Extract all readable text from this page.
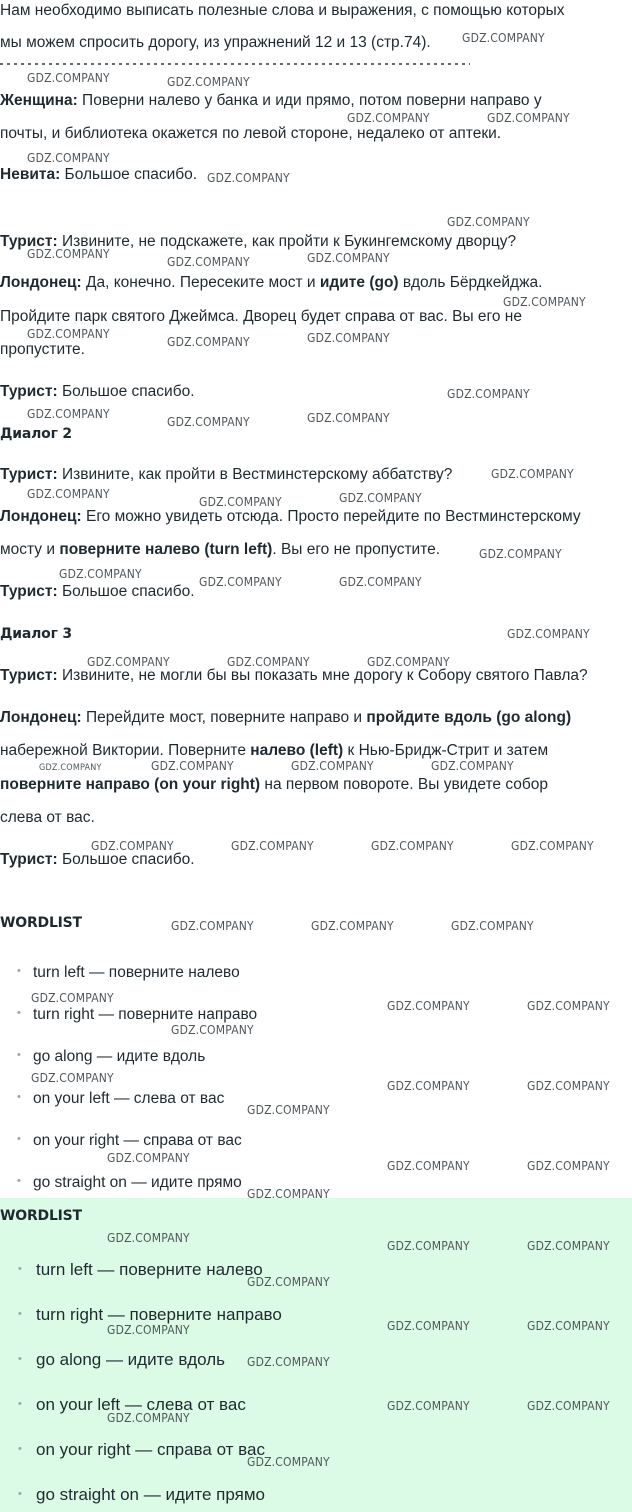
Нам необходимо выписать полезные слова и выражения, с помощью которых

мы можем спросить дорогу, из упражнений 12 и 13 (стр.74).

Женщина: Поверни налево у банка и иди прямо, потом поверни направо у

почты, и библиотека окажется по левой стороне, недалеко от аптеки.

Невита: Большое спасибо.

Турист: Извините, не подскажете, как пройти к Букингемскому дворцу?

Лондонец: Да, конечно. Пересеките мост и идите (go) вдоль Бёрдкейджа.

Пройдите парк святого Джеймса. Дворец будет справа от вас. Вы его не

пропустите.

Турист: Большое спасибо.

Диалог 2

Турист: Извините, как пройти в Вестминстерскому аббатству?

Лондонец: Его можно увидеть отсюда. Просто перейдите по Вестминстерскому

мосту и поверните налево (turn left). Вы его не пропустите.

Турист: Большое спасибо.

Диалог 3

Турист: Извините, не могли бы вы показать мне дорогу к Собору святого Павла?

Лондонец: Перейдите мост, поверните направо и пройдите вдоль (go along)

набережной Виктории. Поверните налево (left) к Нью-Бридж-Стрит и затем

поверните направо (on your right) на первом повороте. Вы увидете собор

слева от вас.

Турист: Большое спасибо.

WORDLIST

turn left — поверните налево
turn right — поверните направо
go along — идите вдоль
on your left — слева от вас
on your right — справа от вас
go straight on — идите прямо

WORDLIST

turn left — поверните налево
turn right — поверните направо
go along — идите вдоль
on your left — слева от вас
on your right — справа от вас
go straight on — идите прямо
GDZ.COMPANY
GDZ.COMPANY	GDZ.COMPANY
GDZ.COMPANY	GDZ.COMPANY
GDZ.COMPANY
GDZ.COMPANY
GDZ.COMPANY
GDZ.COMPANY
GDZ.COMPANY	GDZ.COMPANY
GDZ.COMPANY
GDZ.COMPANY
GDZ.COMPANY	GDZ.COMPANY
GDZ.COMPANY
GDZ.COMPANY
GDZ.COMPANY	GDZ.COMPANY
GDZ.COMPANY
GDZ.COMPANY
GDZ.COMPANY	GDZ.COMPANY
GDZ.COMPANY
GDZ.COMPANY
GDZ.COMPANY	GDZ.COMPANY
GDZ.COMPANY
GDZ.COMPANY	GDZ.COMPANY	GDZ.COMPANY
GDZ.COMPANY	GDZ.COMPANY	GDZ.COMPANY
GDZ.COMPANY	GDZ.COMPANY	GDZ.COMPANY	GDZ.COMPANY
GDZ.COMPANY	GDZ.COMPANY	GDZ.COMPANY
GDZ.COMPANY
GDZ.COMPANY	GDZ.COMPANY
GDZ.COMPANY
GDZ.COMPANY
GDZ.COMPANY	GDZ.COMPANY
GDZ.COMPANY
GDZ.COMPANY
GDZ.COMPANY	GDZ.COMPANY
GDZ.COMPANY
GDZ.COMPANY
GDZ.COMPANY	GDZ.COMPANY
GDZ.COMPANY
GDZ.COMPANY	GDZ.COMPANY	GDZ.COMPANY
GDZ.COMPANY
GDZ.COMPANY
GDZ.COMPANY	GDZ.COMPANY
GDZ.COMPANY
GDZ.COMPANY
